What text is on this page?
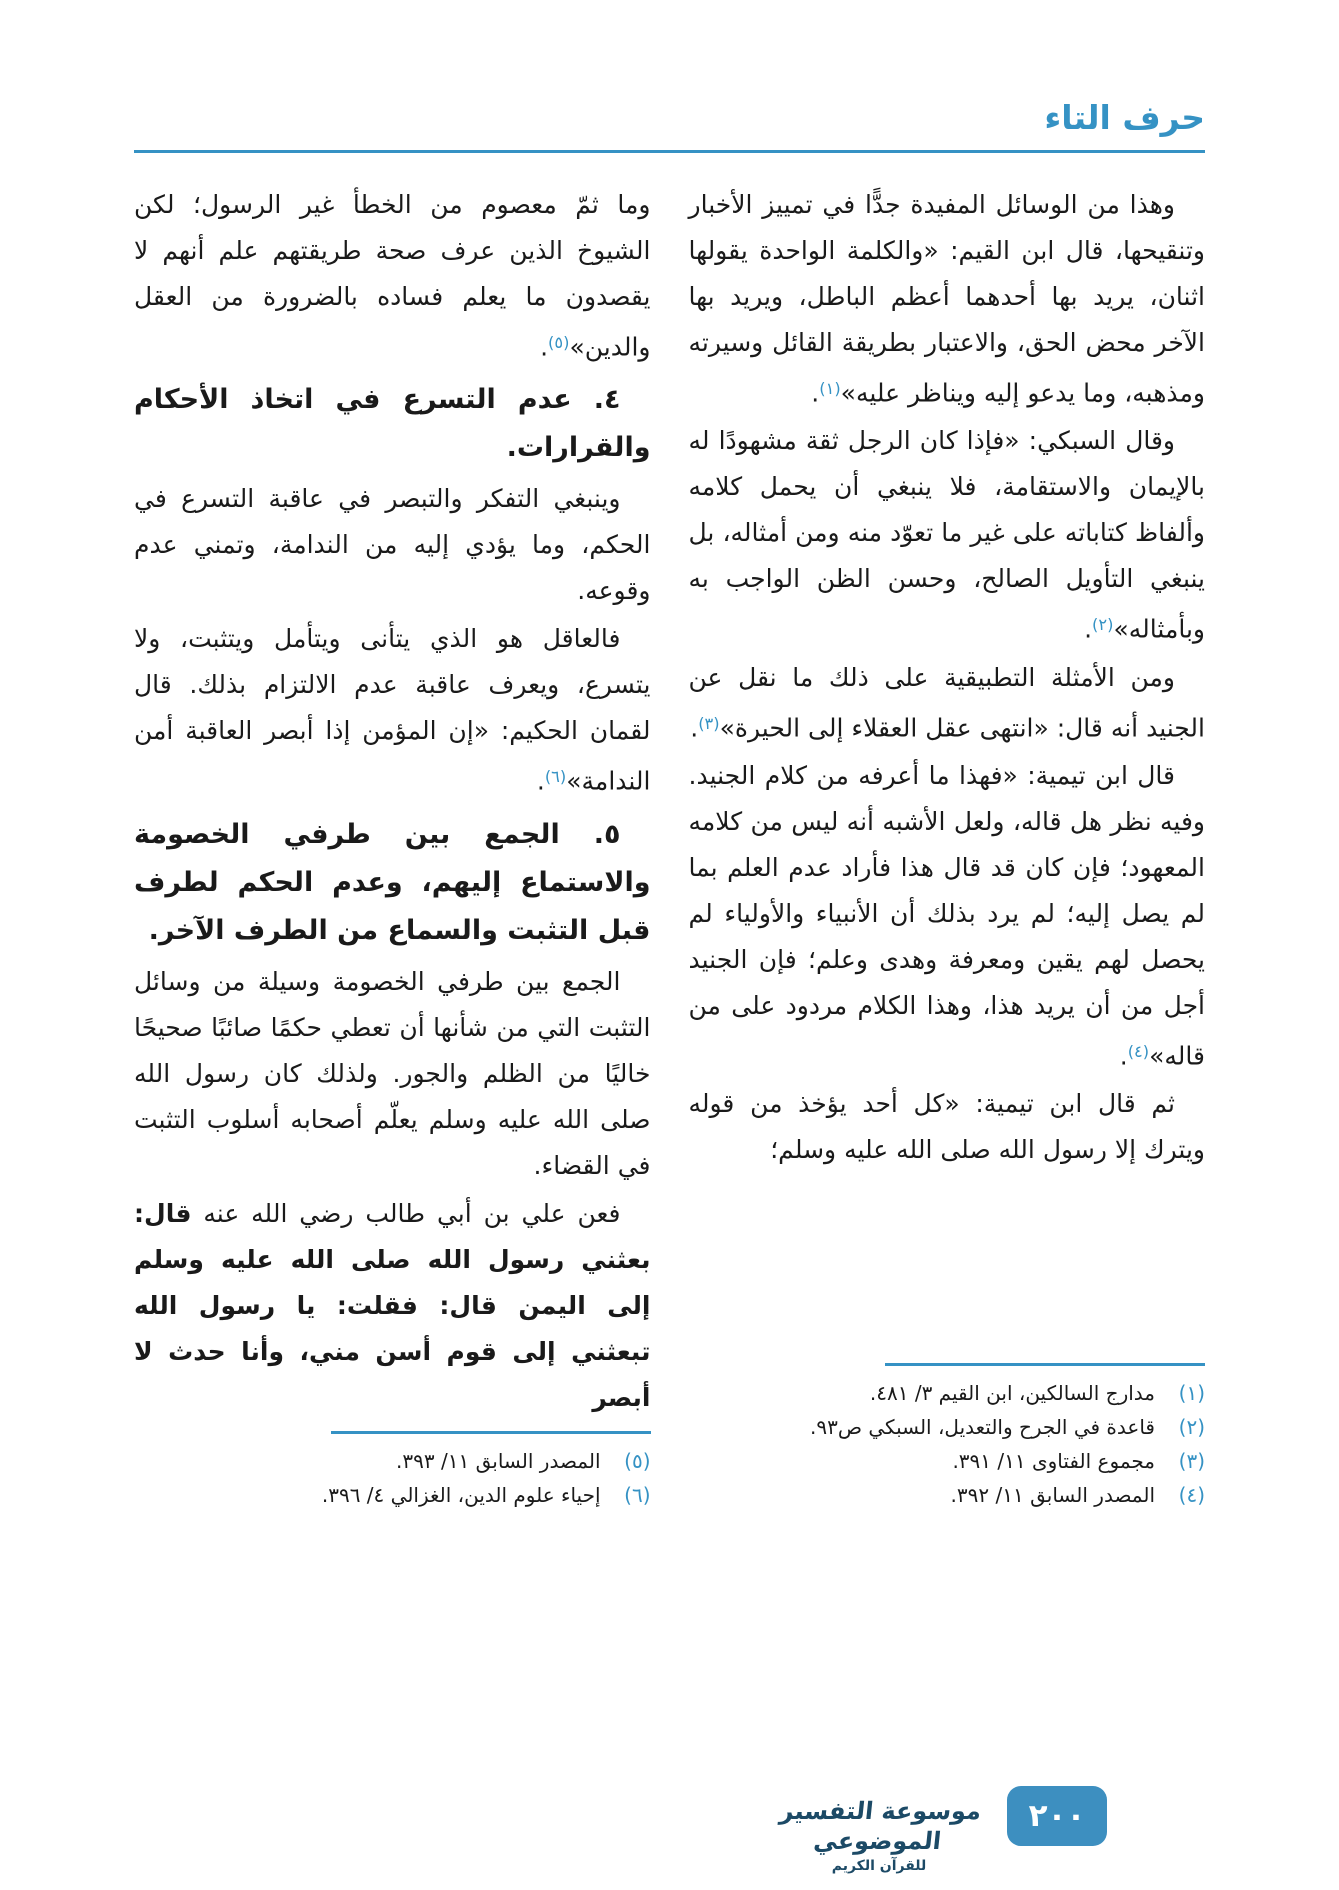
حرف التاء

وهذا من الوسائل المفيدة جدًّا في تمييز الأخبار وتنقيحها، قال ابن القيم: «والكلمة الواحدة يقولها اثنان، يريد بها أحدهما أعظم الباطل، ويريد بها الآخر محض الحق، والاعتبار بطريقة القائل وسيرته ومذهبه، وما يدعو إليه ويناظر عليه»$^{(١)}$.

وقال السبكي: «فإذا كان الرجل ثقة مشهودًا له بالإيمان والاستقامة، فلا ينبغي أن يحمل كلامه وألفاظ كتاباته على غير ما تعوّد منه ومن أمثاله، بل ينبغي التأويل الصالح، وحسن الظن الواجب به وبأمثاله»$^{(٢)}$.

ومن الأمثلة التطبيقية على ذلك ما نقل عن الجنيد أنه قال: «انتهى عقل العقلاء إلى الحيرة»$^{(٣)}$.

قال ابن تيمية: «فهذا ما أعرفه من كلام الجنيد. وفيه نظر هل قاله، ولعل الأشبه أنه ليس من كلامه المعهود؛ فإن كان قد قال هذا فأراد عدم العلم بما لم يصل إليه؛ لم يرد بذلك أن الأنبياء والأولياء لم يحصل لهم يقين ومعرفة وهدى وعلم؛ فإن الجنيد أجل من أن يريد هذا، وهذا الكلام مردود على من قاله»$^{(٤)}$.

ثم قال ابن تيمية: «كل أحد يؤخذ من قوله ويترك إلا رسول الله صلى الله عليه وسلم؛

(١)
مدارج السالكين، ابن القيم ٣/ ٤٨١.
(٢)
قاعدة في الجرح والتعديل، السبكي ص٩٣.
(٣)
مجموع الفتاوى ١١/ ٣٩١.
(٤)
المصدر السابق ١١/ ٣٩٢.

وما ثمّ معصوم من الخطأ غير الرسول؛ لكن الشيوخ الذين عرف صحة طريقتهم علم أنهم لا يقصدون ما يعلم فساده بالضرورة من العقل والدين»$^{(٥)}$.

٤. عدم التسرع في اتخاذ الأحكام والقرارات.

وينبغي التفكر والتبصر في عاقبة التسرع في الحكم، وما يؤدي إليه من الندامة، وتمني عدم وقوعه.

فالعاقل هو الذي يتأنى ويتأمل ويتثبت، ولا يتسرع، ويعرف عاقبة عدم الالتزام بذلك. قال لقمان الحكيم: «إن المؤمن إذا أبصر العاقبة أمن الندامة»$^{(٦)}$.

٥. الجمع بين طرفي الخصومة والاستماع إليهم، وعدم الحكم لطرف قبل التثبت والسماع من الطرف الآخر.

الجمع بين طرفي الخصومة وسيلة من وسائل التثبت التي من شأنها أن تعطي حكمًا صائبًا صحيحًا خاليًا من الظلم والجور. ولذلك كان رسول الله صلى الله عليه وسلم يعلّم أصحابه أسلوب التثبت في القضاء.

فعن علي بن أبي طالب رضي الله عنه قال: بعثني رسول الله صلى الله عليه وسلم إلى اليمن قال: فقلت: يا رسول الله تبعثني إلى قوم أسن مني، وأنا حدث لا أبصر

(٥)
المصدر السابق ١١/ ٣٩٣.
(٦)
إحياء علوم الدين، الغزالي ٤/ ٣٩٦.
موسوعة التفسير الموضوعي
للقرآن الكريم
٢٠٠
